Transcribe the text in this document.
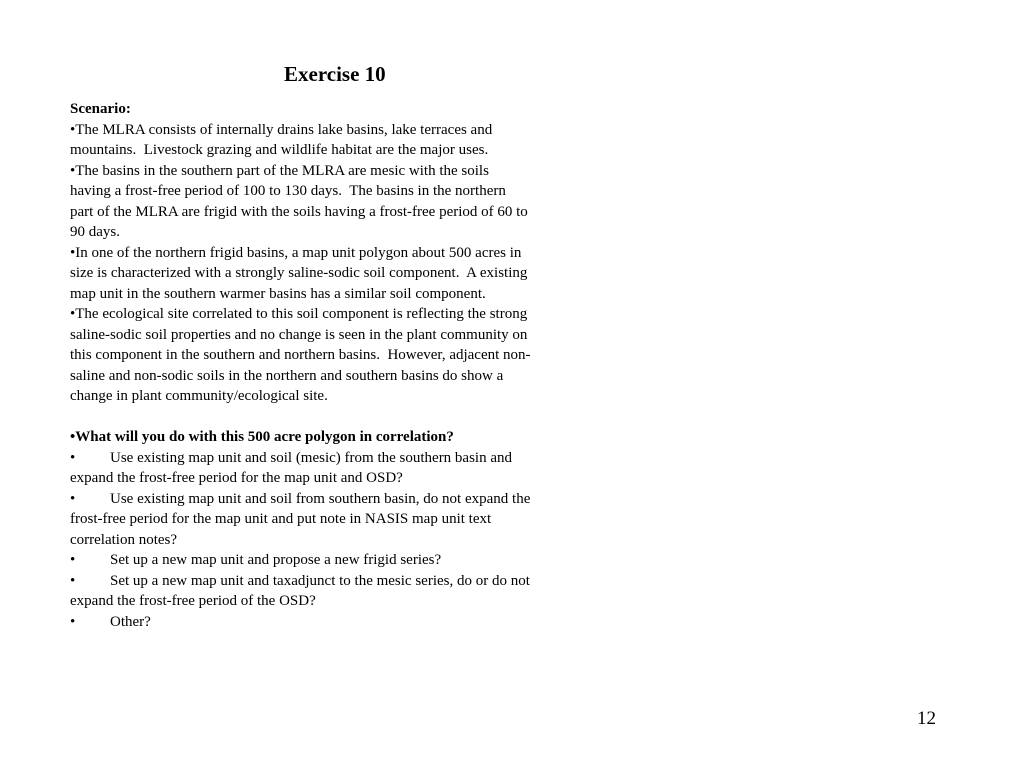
Exercise 10
Scenario:
•The MLRA consists of internally drains lake basins, lake terraces and
mountains.  Livestock grazing and wildlife habitat are the major uses.
•The basins in the southern part of the MLRA are mesic with the soils
having a frost-free period of 100 to 130 days.  The basins in the northern
part of the MLRA are frigid with the soils having a frost-free period of 60 to
90 days.
•In one of the northern frigid basins, a map unit polygon about 500 acres in
size is characterized with a strongly saline-sodic soil component.  A existing
map unit in the southern warmer basins has a similar soil component.
•The ecological site correlated to this soil component is reflecting the strong
saline-sodic soil properties and no change is seen in the plant community on
this component in the southern and northern basins.  However, adjacent non-
saline and non-sodic soils in the northern and southern basins do show a
change in plant community/ecological site.

•What will you do with this 500 acre polygon in correlation?
• Use existing map unit and soil (mesic) from the southern basin and
expand the frost-free period for the map unit and OSD?
• Use existing map unit and soil from southern basin, do not expand the
frost-free period for the map unit and put note in NASIS map unit text
correlation notes?
• Set up a new map unit and propose a new frigid series?
• Set up a new map unit and taxadjunct to the mesic series, do or do not
expand the frost-free period of the OSD?
• Other?
12
